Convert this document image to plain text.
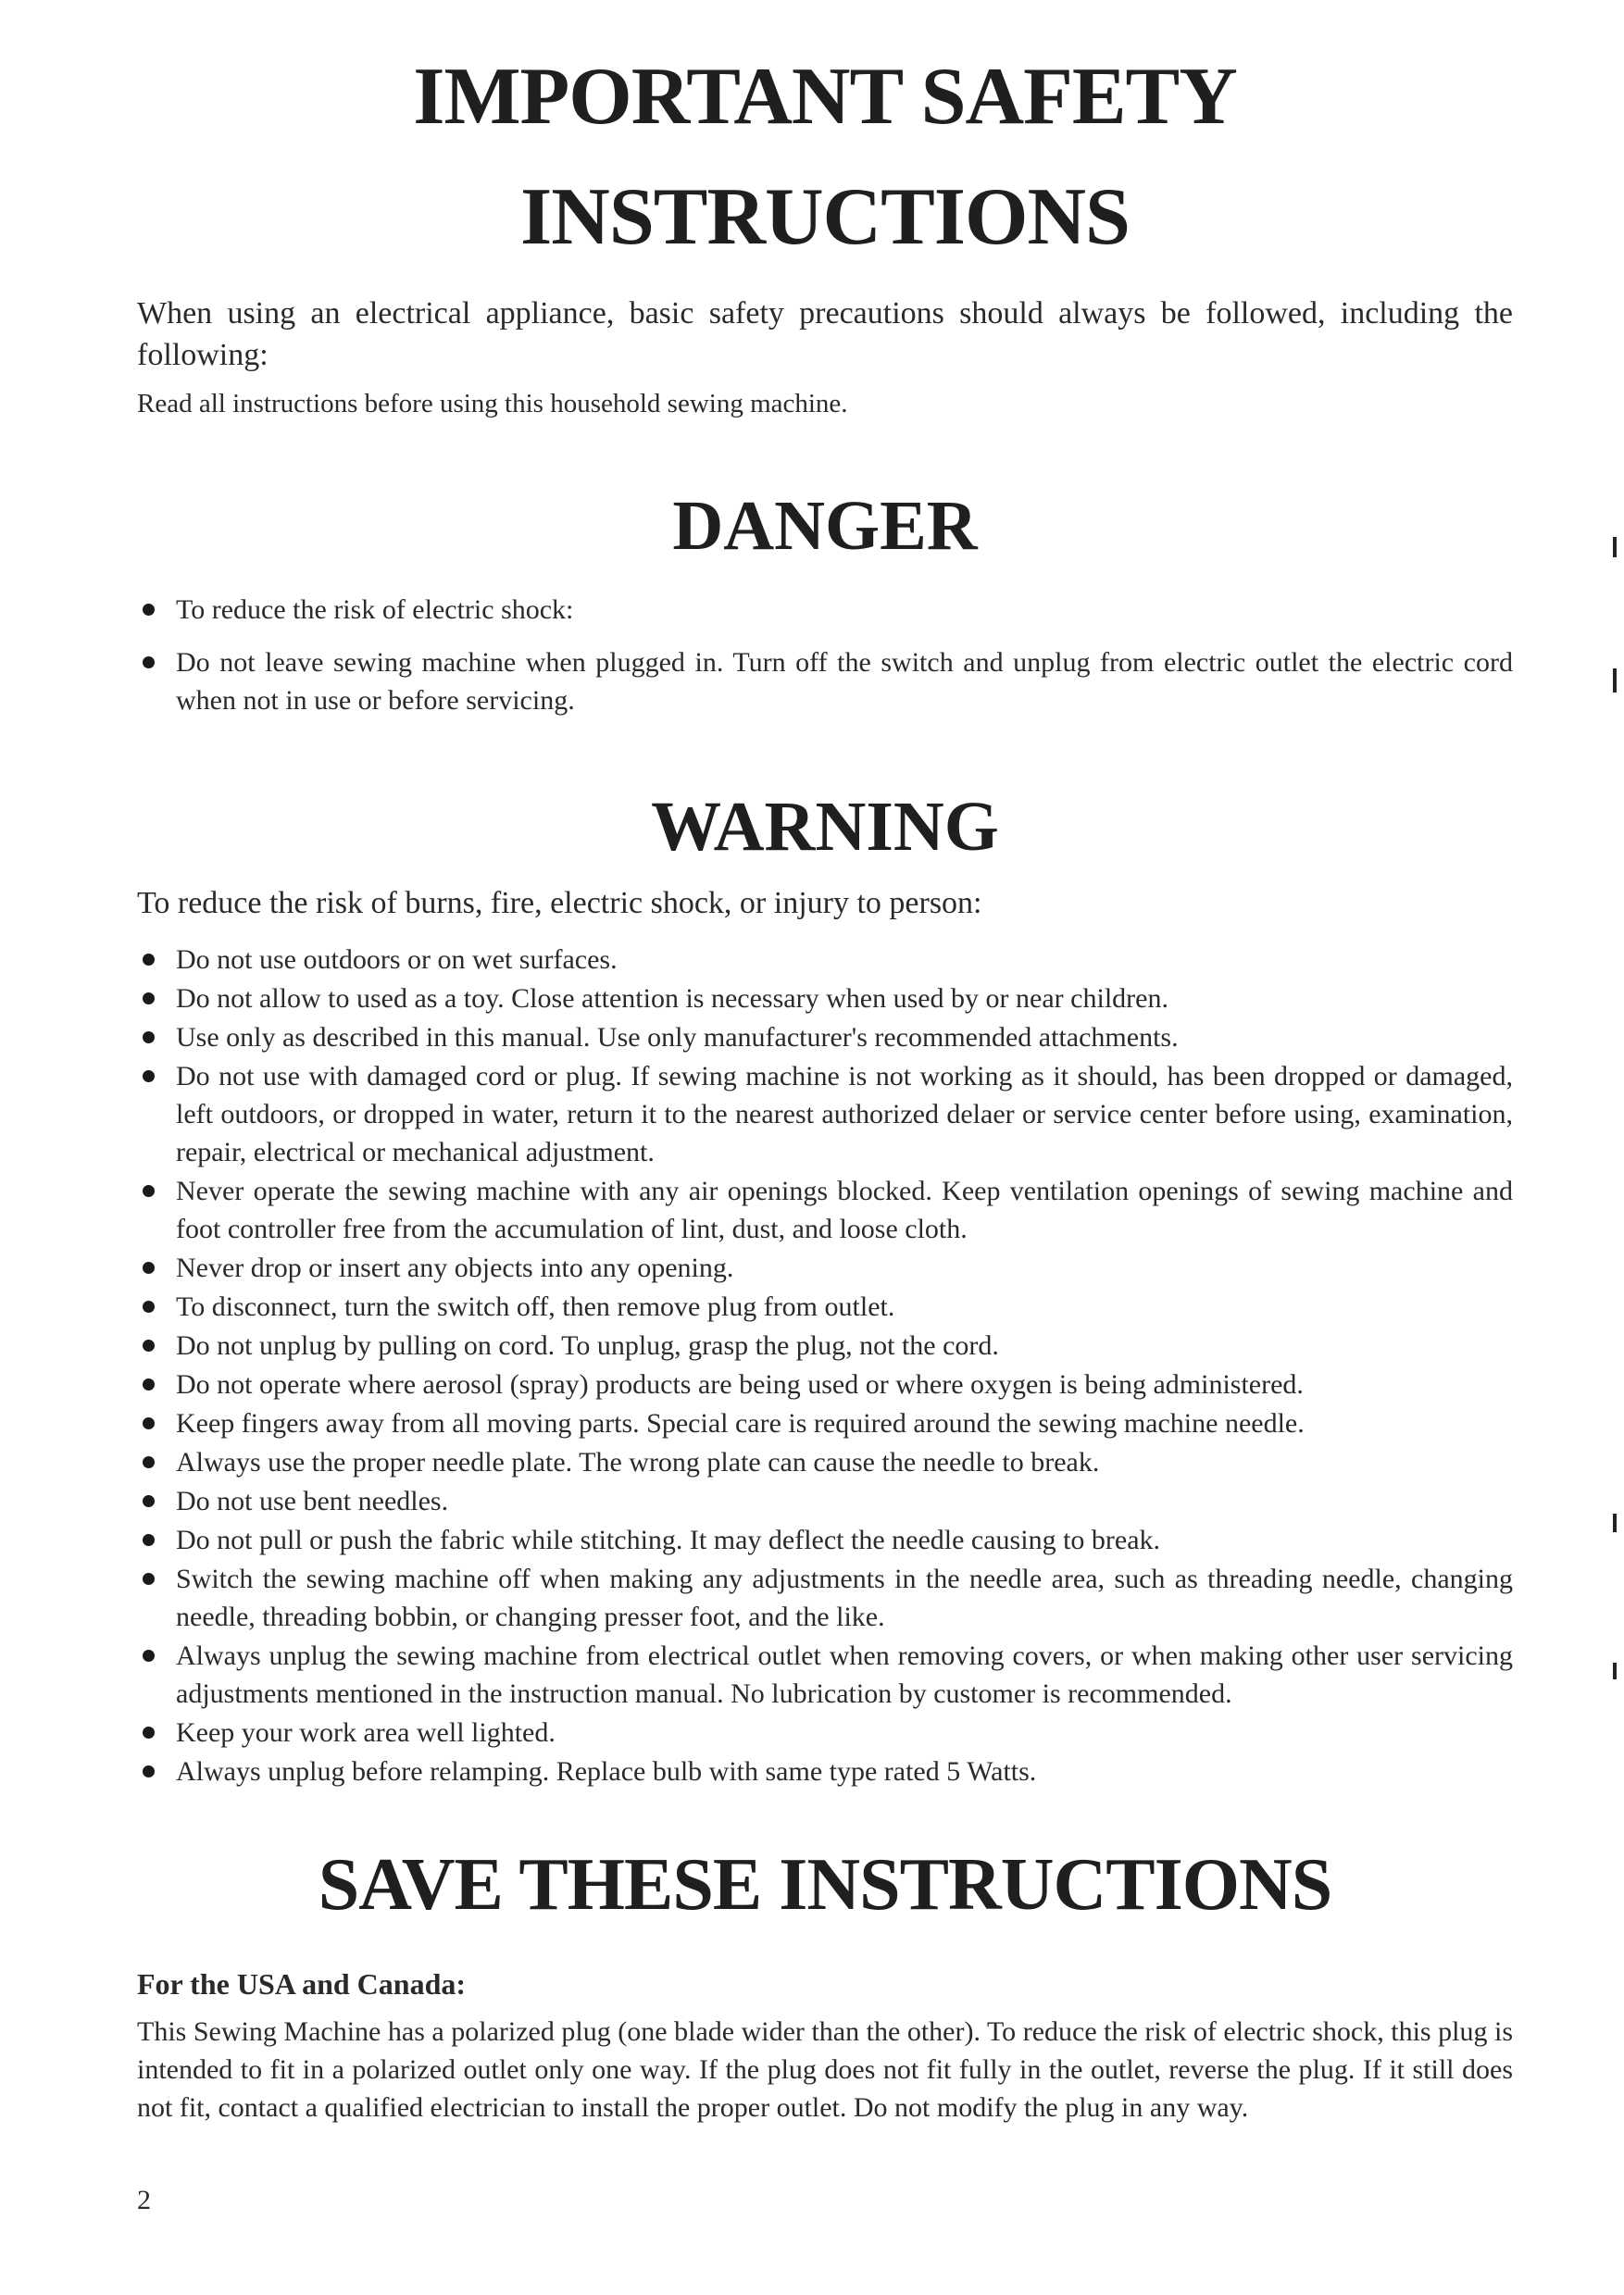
IMPORTANT SAFETY INSTRUCTIONS

When using an electrical appliance, basic safety precautions should always be followed, including the following:

Read all instructions before using this household sewing machine.

DANGER
To reduce the risk of electric shock:
Do not leave sewing machine when plugged in. Turn off the switch and unplug from electric outlet the electric cord when not in use or before servicing.
WARNING

To reduce the risk of burns, fire, electric shock, or injury to person:

Do not use outdoors or on wet surfaces.
Do not allow to used as a toy. Close attention is necessary when used by or near children.
Use only as described in this manual. Use only manufacturer's recommended attachments.
Do not use with damaged cord or plug. If sewing machine is not working as it should, has been dropped or damaged, left outdoors, or dropped in water, return it to the nearest authorized delaer or service center before using, examination, repair, electrical or mechanical adjustment.
Never operate the sewing machine with any air openings blocked. Keep ventilation openings of sewing machine and foot controller free from the accumulation of lint, dust, and loose cloth.
Never drop or insert any objects into any opening.
To disconnect, turn the switch off, then remove plug from outlet.
Do not unplug by pulling on cord. To unplug, grasp the plug, not the cord.
Do not operate where aerosol (spray) products are being used or where oxygen is being administered.
Keep fingers away from all moving parts. Special care is required around the sewing machine needle.
Always use the proper needle plate. The wrong plate can cause the needle to break.
Do not use bent needles.
Do not pull or push the fabric while stitching. It may deflect the needle causing to break.
Switch the sewing machine off when making any adjustments in the needle area, such as threading needle, changing needle, threading bobbin, or changing presser foot, and the like.
Always unplug the sewing machine from electrical outlet when removing covers, or when making other user servicing adjustments mentioned in the instruction manual. No lubrication by customer is recommended.
Keep your work area well lighted.
Always unplug before relamping. Replace bulb with same type rated 5 Watts.
SAVE THESE INSTRUCTIONS
For the USA and Canada:

This Sewing Machine has a polarized plug (one blade wider than the other). To reduce the risk of electric shock, this plug is intended to fit in a polarized outlet only one way. If the plug does not fit fully in the outlet, reverse the plug. If it still does not fit, contact a qualified electrician to install the proper outlet. Do not modify the plug in any way.

2
